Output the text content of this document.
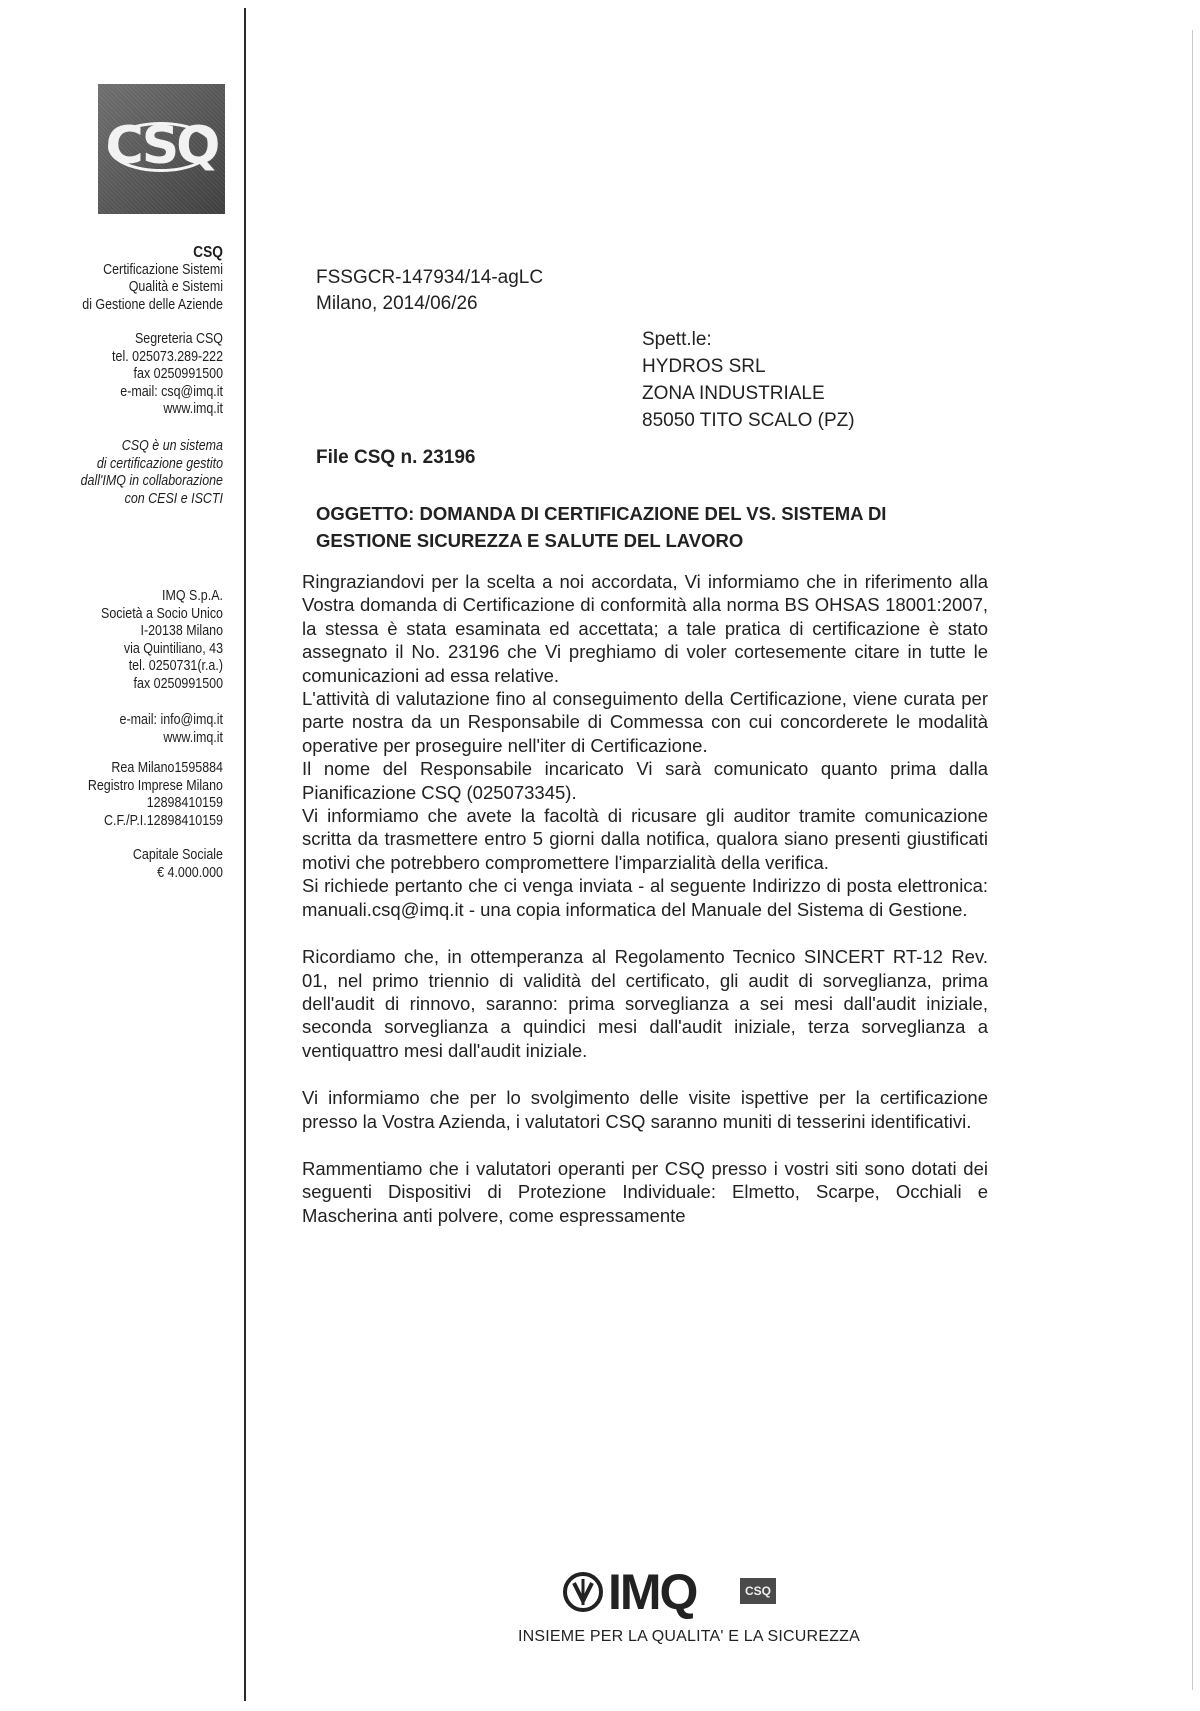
CSQ
CSQ
Certificazione Sistemi
Qualità e Sistemi
di Gestione delle Aziende
Segreteria CSQ
tel. 025073.289-222
fax 0250991500
e-mail: csq@imq.it
www.imq.it
CSQ è un sistema
di certificazione gestito
dall'IMQ in collaborazione
con CESI e ISCTI
IMQ S.p.A.
Società a Socio Unico
I-20138 Milano
via Quintiliano, 43
tel. 0250731(r.a.)
fax 0250991500
e-mail: info@imq.it
www.imq.it
Rea Milano1595884
Registro Imprese Milano
12898410159
C.F./P.I.12898410159
Capitale Sociale
€ 4.000.000
FSSGCR-147934/14-agLC
Milano, 2014/06/26
Spett.le:
HYDROS SRL
ZONA INDUSTRIALE
85050 TITO SCALO (PZ)
File CSQ n. 23196
OGGETTO: DOMANDA DI CERTIFICAZIONE DEL VS. SISTEMA DI
GESTIONE SICUREZZA E SALUTE DEL LAVORO

Ringraziandovi per la scelta a noi accordata, Vi informiamo che in riferimento alla Vostra domanda di Certificazione di conformità alla norma BS OHSAS 18001:2007, la stessa è stata esaminata ed accettata; a tale pratica di certificazione è stato assegnato il No. 23196 che Vi preghiamo di voler cortesemente citare in tutte le comunicazioni ad essa relative.

L'attività di valutazione fino al conseguimento della Certificazione, viene curata per parte nostra da un Responsabile di Commessa con cui concorderete le modalità operative per proseguire nell'iter di Certificazione.

Il nome del Responsabile incaricato Vi sarà comunicato quanto prima dalla Pianificazione CSQ (025073345).

Vi informiamo che avete la facoltà di ricusare gli auditor tramite comunicazione scritta da trasmettere entro 5 giorni dalla notifica, qualora siano presenti giustificati motivi che potrebbero compromettere l'imparzialità della verifica.

Si richiede pertanto che ci venga inviata - al seguente Indirizzo di posta elettronica: manuali.csq@imq.it - una copia informatica del Manuale del Sistema di Gestione.

Ricordiamo che, in ottemperanza al Regolamento Tecnico SINCERT RT-12 Rev. 01, nel primo triennio di validità del certificato, gli audit di sorveglianza, prima dell'audit di rinnovo, saranno: prima sorveglianza a sei mesi dall'audit iniziale, seconda sorveglianza a quindici mesi dall'audit iniziale, terza sorveglianza a ventiquattro mesi dall'audit iniziale.

Vi informiamo che per lo svolgimento delle visite ispettive per la certificazione presso la Vostra Azienda, i valutatori CSQ saranno muniti di tesserini identificativi.

Rammentiamo che i valutatori operanti per CSQ presso i vostri siti sono dotati dei seguenti Dispositivi di Protezione Individuale: Elmetto, Scarpe, Occhiali e Mascherina anti polvere, come espressamente

IMQ	CSQ
INSIEME PER LA QUALITA' E LA SICUREZZA
